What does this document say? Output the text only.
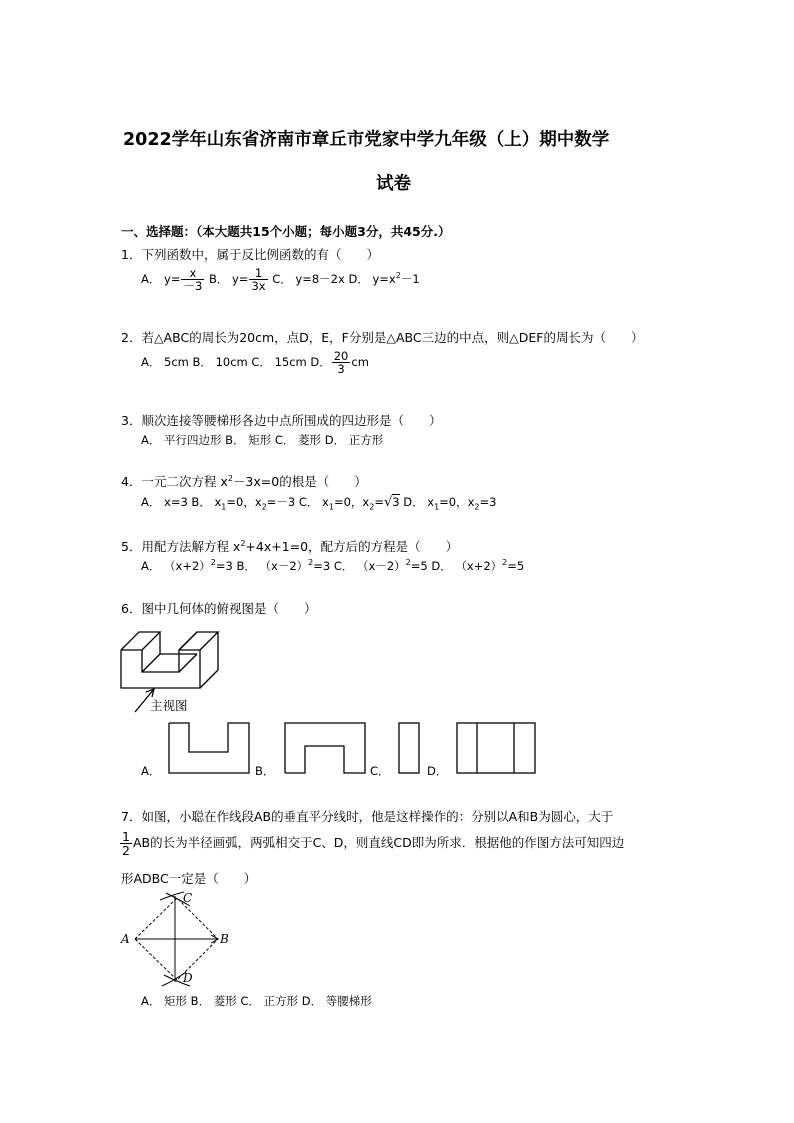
2022学年山东省济南市章丘市党家中学九年级（上）期中数学
试卷
一、选择题：（本大题共15个小题；每小题3分，共45分.）
1．下列函数中，属于反比例函数的有（　　）
A． $y= \frac{x}{-3}$ B． $y= \frac{1}{3x}$ C． y=8－2x D． $y=x^2-1$
2．若△ABC的周长为20cm，点D，E，F分别是△ABC三边的中点，则△DEF的周长为（　　）
A． 5cm B． 10cm C． 15cm D． $\frac{20}{3}$ cm
3．顺次连接等腰梯形各边中点所围成的四边形是（　　）
A． 平行四边形 B． 矩形 C． 菱形 D． 正方形
4．一元二次方程 $x^2-3x=0$的根是（　　）
A． x=3 B． $x_1=0$，$x_2=-3$ C． $x_1=0$，$x_2=√3$ D． $x_1=0$，$x_2=3$
5．用配方法解方程 $x^2+4x+1=0$，配方后的方程是（　　）
A． $(x+2)^2=3$ B． $(x-2)^2=3$ C． $(x-2)^2=5$ D． $(x+2)^2=5$
6．图中几何体的俯视图是（　　）
主视图
A．	B．	C．	D．
7．如图，小聪在作线段AB的垂直平分线时，他是这样操作的：分别以A和B为圆心，大于
$\frac{1}{2}$ AB的长为半径画弧，两弧相交于C、D，则直线CD即为所求．根据他的作图方法可知四边
形ADBC一定是（　　）
A	B
C
D
A． 矩形 B． 菱形 C． 正方形 D． 等腰梯形
